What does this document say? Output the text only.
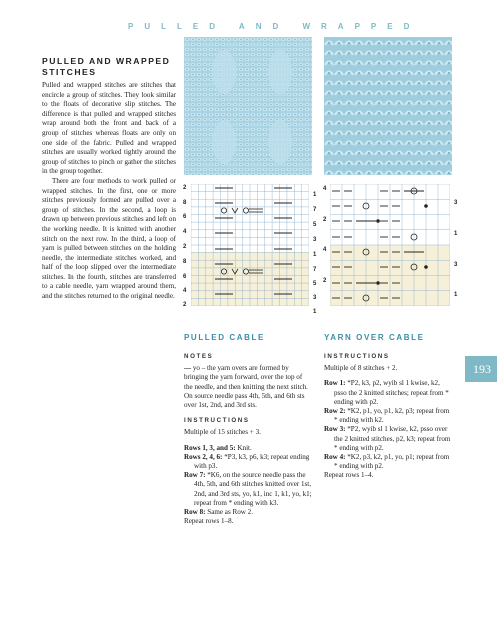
PULLED AND WRAPPED
PULLED AND WRAPPED
STITCHES

Pulled and wrapped stitches are stitches that encircle a group of stitches. They look similar to the floats of decorative slip stitches. The difference is that pulled and wrapped stitches wrap around both the front and back of a group of stitches whereas floats are only on one side of the fabric. Pulled and wrapped stitches are usually worked tightly around the group of stitches to pinch or gather the stitches in the group together.

There are four methods to work pulled or wrapped stitches. In the first, one or more stitches previously formed are pulled over a group of stitches. In the second, a loop is drawn up between previous stitches and left on the working needle. It is knitted with another stitch on the next row. In the third, a loop of yarn is pulled between stitches on the holding needle, the intermediate stitches worked, and half of the loop slipped over the intermediate stitches. In the fourth, stitches are transferred to a cable needle, yarn wrapped around them, and the stitches returned to the original needle.

2
8
6
4
2
8
6
4
2
1
7
5
3
1
7
5
3
1
4
2
4
2
3
1
3
1
PULLED CABLE	YARN OVER CABLE
NOTES

— yo – the yarn overs are formed by bringing the yarn forward, over the top of the needle, and then knitting the next stitch. On source needle pass 4th, 5th, and 6th sts over 1st, 2nd, and 3rd sts.

INSTRUCTIONS

Multiple of 15 stitches + 3.

Rows 1, 3, and 5: Knit.

Rows 2, 4, 6: *P3, k3, p6, k3; repeat ending with p3.

Row 7: *K6, on the source needle pass the 4th, 5th, and 6th stitches knitted over 1st, 2nd, and 3rd sts, yo, k1, inc 1, k1, yo, k1; repeat from * ending with k3.

Row 8: Same as Row 2.

Repeat rows 1–8.

INSTRUCTIONS

Multiple of 8 stitches + 2.

Row 1: *P2, k3, p2, wyib sl 1 kwise, k2, psso the 2 knitted stitches; repeat from * ending with p2.

Row 2: *K2, p1, yo, p1, k2, p3; repeat from * ending with k2.

Row 3: *P2, wyib sl 1 kwise, k2, psso over the 2 knitted stitches, p2, k3; repeat from * ending with p2.

Row 4: *K2, p3, k2, p1, yo, p1; repeat from * ending with p2.

Repeat rows 1–4.

193
